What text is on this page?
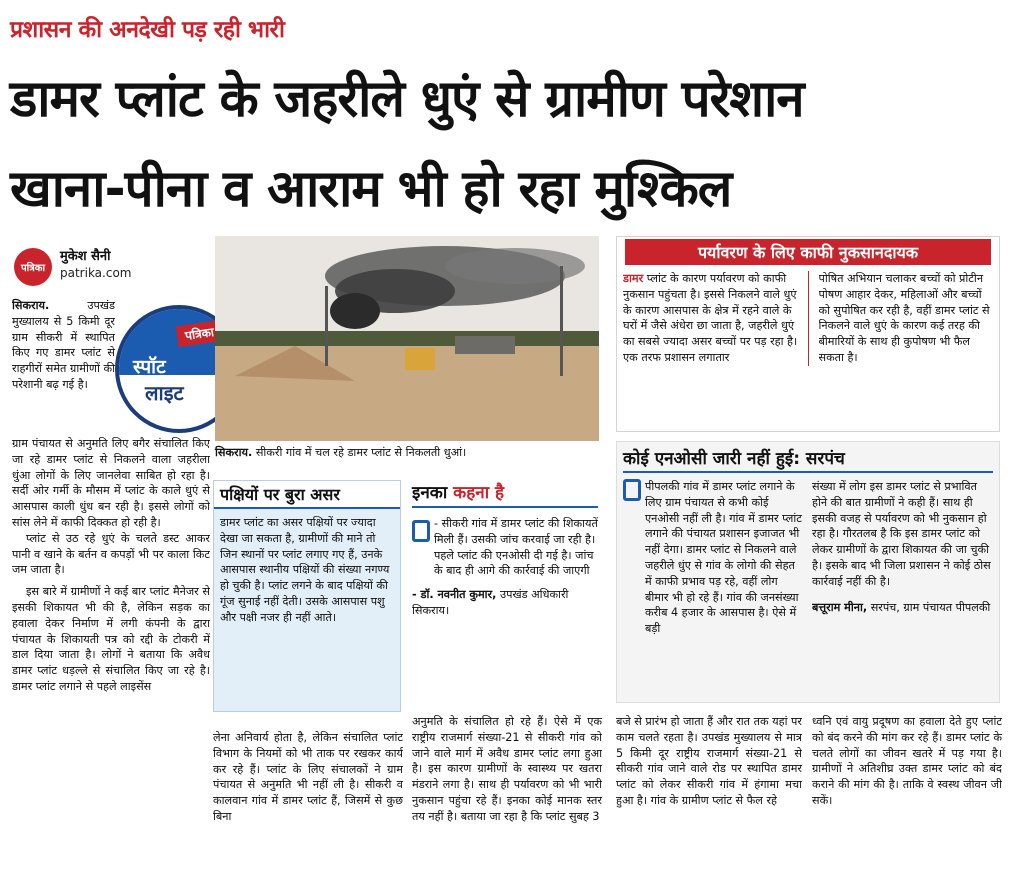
प्रशासन की अनदेखी पड़ रही भारी
डामर प्लांट के जहरीले धुएं से ग्रामीण परेशान
खाना-पीना व आराम भी हो रहा मुश्किल
पत्रिका
मुकेश सैनी
patrika.com
सिकराय.	उपखंड मुख्यालय से 5 किमी दूर ग्राम सीकरी में स्थापित किए गए डामर प्लांट से राहगीरों समेत ग्रामीणों की परेशानी बढ़ गई है।
पत्रिका
स्पॉट
लाइट

ग्राम पंचायत से अनुमति लिए बगैर संचालित किए जा रहे डामर प्लांट से निकलने वाला जहरीला धुंआ लोगों के लिए जानलेवा साबित हो रहा है। सर्दी ओर गर्मी के मौसम में प्लांट के काले धुएं से आसपास काली धुंध बन रही है। इससे लोगों को सांस लेने में काफी दिक्कत हो रही है।

प्लांट से उठ रहे धुएं के चलते डस्ट आकर पानी व खाने के बर्तन व कपड़ों भी पर काला किट जम जाता है।

इस बारे में ग्रामीणों ने कई बार प्लांट मैनेजर से इसकी शिकायत भी की है, लेकिन सड़क का हवाला देकर निर्माण में लगी कंपनी के द्वारा पंचायत के शिकायती पत्र को रद्दी के टोकरी में डाल दिया जाता है। लोगों ने बताया कि अवैध डामर प्लांट धड़ल्ले से संचालित किए जा रहे है। डामर प्लांट लगाने से पहले लाइसेंस

सिकराय. सीकरी गांव में चल रहे डामर प्लांट से निकलती धुआं।
पक्षियों पर बुरा असर
डामर प्लांट का असर पक्षियों पर ज्यादा देखा जा सकता है, ग्रामीणों की माने तो जिन स्थानों पर प्लांट लगाए गए हैं, उनके आसपास स्थानीय पक्षियों की संख्या नगण्य हो चुकी है। प्लांट लगने के बाद पक्षियों की गूंज सुनाई नहीं देती। उसके आसपास पशु और पक्षी नजर ही नहीं आते।
इनका कहना है
- सीकरी गांव में डामर प्लांट की शिकायतें मिली हैं। उसकी जांच करवाई जा रही है। पहले प्लांट की एनओसी दी गई है। जांच के बाद ही आगे की कार्रवाई की जाएगी
- डॉ. नवनीत कुमार, उपखंड अधिकारी सिकराय।
पर्यावरण के लिए काफी नुकसानदायक
डामर प्लांट के कारण पर्यावरण को काफी नुकसान पहुंचता है। इससे निकलने वाले धुएं के कारण आसपास के क्षेत्र में रहने वाले के घरों में जैसे अंधेरा छा जाता है, जहरीले धुएं का सबसे ज्यादा असर बच्चों पर पड़ रहा है।एक तरफ प्रशासन लगातार
पोषित अभियान चलाकर बच्चों को प्रोटीन पोषण आहार देकर, महिलाओं और बच्चों को सुपोषित कर रही है, वहीं डामर प्लांट से निकलने वाले धुएं के कारण कई तरह की बीमारियों के साथ ही कुपोषण भी फैल सकता है।
कोई एनओसी जारी नहीं हुई: सरपंच
पीपलकी गांव में डामर प्लांट लगाने के लिए ग्राम पंचायत से कभी कोई एनओसी नहीं ली है। गांव में डामर प्लांट लगाने की पंचायत प्रशासन इजाजत भी नहीं देगा। डामर प्लांट से निकलने वाले जहरीले धुंए से गांव के लोगो की सेहत में काफी प्रभाव पड़ रहे, वहीं लोग बीमार भी हो रहे हैं। गांव की जनसंख्या करीब 4 हजार के आसपास है। ऐसे में बड़ी
संख्या में लोग इस डामर प्लांट से प्रभावित होने की बात ग्रामीणों ने कही हैं। साथ ही इसकी वजह से पर्यावरण को भी नुकसान हो रहा है। गौरतलब है कि इस डामर प्लांट को लेकर ग्रामीणों के द्वारा शिकायत की जा चुकी है। इसके बाद भी जिला प्रशासन ने कोई ठोस कार्रवाई नहीं की है।
बत्तूराम मीना, सरपंच, ग्राम पंचायत पीपलकी
लेना अनिवार्य होता है, लेकिन संचालित प्लांट विभाग के नियमों को भी ताक पर रखकर कार्य कर रहे हैं। प्लांट के लिए संचालकों ने ग्राम पंचायत से अनुमति भी नहीं ली है। सीकरी व कालवान गांव में डामर प्लांट हैं, जिसमें से कुछ बिना
अनुमति के संचालित हो रहे हैं। ऐसे में एक राष्ट्रीय राजमार्ग संख्या-21 से सीकरी गांव को जाने वाले मार्ग में अवैध डामर प्लांट लगा हुआ है। इस कारण ग्रामीणों के स्वास्थ्य पर खतरा मंडराने लगा है। साथ ही पर्यावरण को भी भारी नुकसान पहुंचा रहे हैं। इनका कोई मानक स्तर तय नहीं है। बताया जा रहा है कि प्लांट सुबह 3
बजे से प्रारंभ हो जाता हैं और रात तक यहां पर काम चलते रहता है। उपखंड मुख्यालय से मात्र 5 किमी दूर राष्ट्रीय राजमार्ग संख्या-21 से सीकरी गांव जाने वाले रोड पर स्थापित डामर प्लांट को लेकर सीकरी गांव में हंगामा मचा हुआ है। गांव के ग्रामीण प्लांट से फैल रहे
ध्वनि एवं वायु प्रदूषण का हवाला देते हुए प्लांट को बंद करने की मांग कर रहे हैं। डामर प्लांट के चलते लोगों का जीवन खतरे में पड़ गया है। ग्रामीणों ने अतिशीघ्र उक्त डामर प्लांट को बंद कराने की मांग की है। ताकि वे स्वस्थ जीवन जी सकें।
